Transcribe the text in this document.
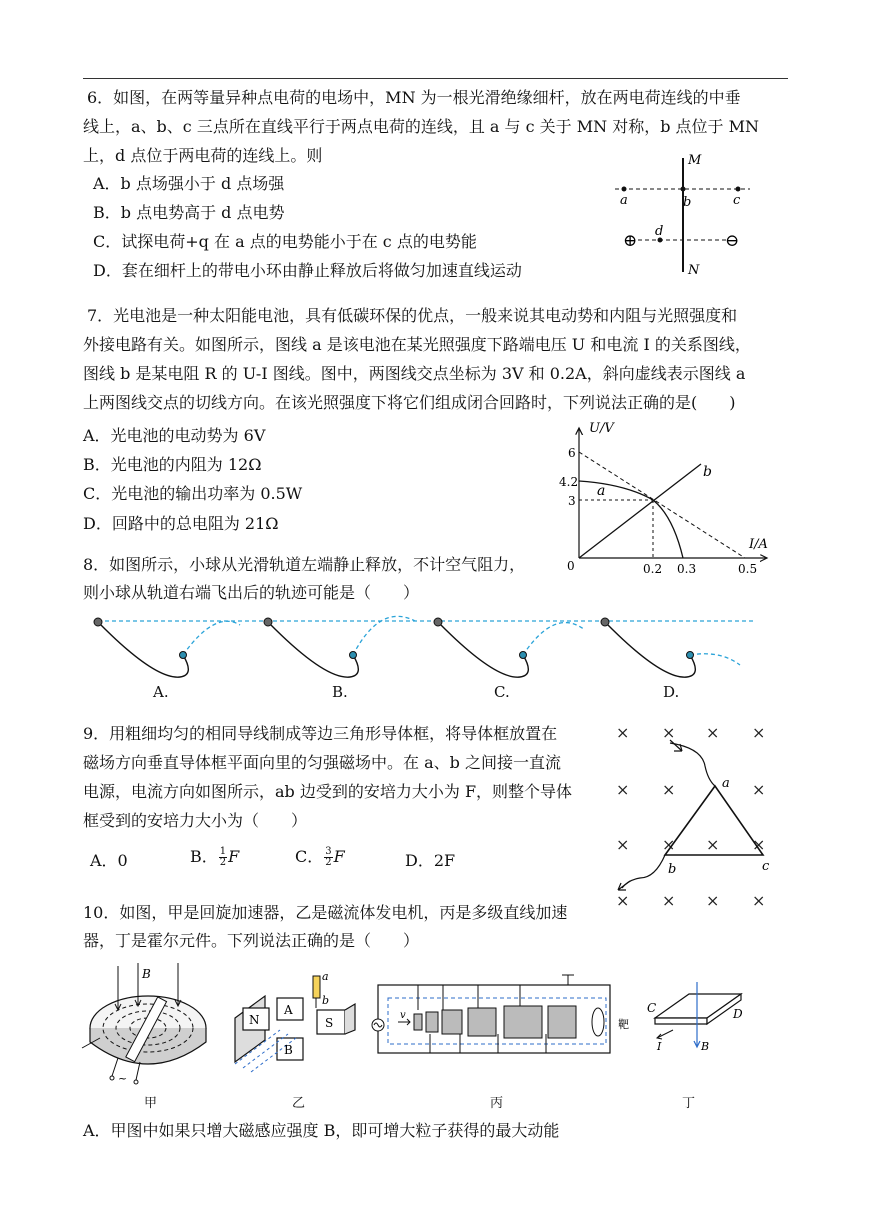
6．如图，在两等量异种点电荷的电场中，MN 为一根光滑绝缘细杆，放在两电荷连线的中垂
线上，a、b、c 三点所在直线平行于两点电荷的连线，且 a 与 c 关于 MN 对称，b 点位于 MN
上，d 点位于两电荷的连线上。则
A．b 点场强小于 d 点场强
B．b 点电势高于 d 点电势
C．试探电荷+q 在 a 点的电势能小于在 c 点的电势能
D．套在细杆上的带电小环由静止释放后将做匀加速直线运动
M
N
a	b	c
d
⊕	⊖
7．光电池是一种太阳能电池，具有低碳环保的优点，一般来说其电动势和内阻与光照强度和
外接电路有关。如图所示，图线 a 是该电池在某光照强度下路端电压 U 和电流 I 的关系图线，
图线 b 是某电阻 R 的 U-I 图线。图中，两图线交点坐标为 3V 和 0.2A，斜向虚线表示图线 a
上两图线交点的切线方向。在该光照强度下将它们组成闭合回路时，下列说法正确的是(　　)
A．光电池的电动势为 6V
B．光电池的内阻为 12Ω
C．光电池的输出功率为 0.5W
D．回路中的总电阻为 21Ω
U/V
I/A
0
6
4.2
3
0.2 0.3	0.5
a
b
8．如图所示，小球从光滑轨道左端静止释放，不计空气阻力，
则小球从轨道右端飞出后的轨迹可能是（　　）
A.	B.	C.	D.
9．用粗细均匀的相同导线制成等边三角形导体框，将导体框放置在
磁场方向垂直导体框平面向里的匀强磁场中。在 a、b 之间接一直流
电源，电流方向如图所示，ab 边受到的安培力大小为 F，则整个导体
框受到的安培力大小为（　　）
A．0	B． $\frac{1}{2}$ F	C． $\frac{3}{2}$ F	D．2F
× × × ×
× ×	×
× × × ×
× × × ×
a
b	c
10．如图，甲是回旋加速器，乙是磁流体发电机，丙是多级直线加速
器，丁是霍尔元件。下列说法正确的是（　　）
B
~
N
A
B
S
a
b
v
靶
C	D
I	B
甲	乙	丙	丁
A．甲图中如果只增大磁感应强度 B，即可增大粒子获得的最大动能
